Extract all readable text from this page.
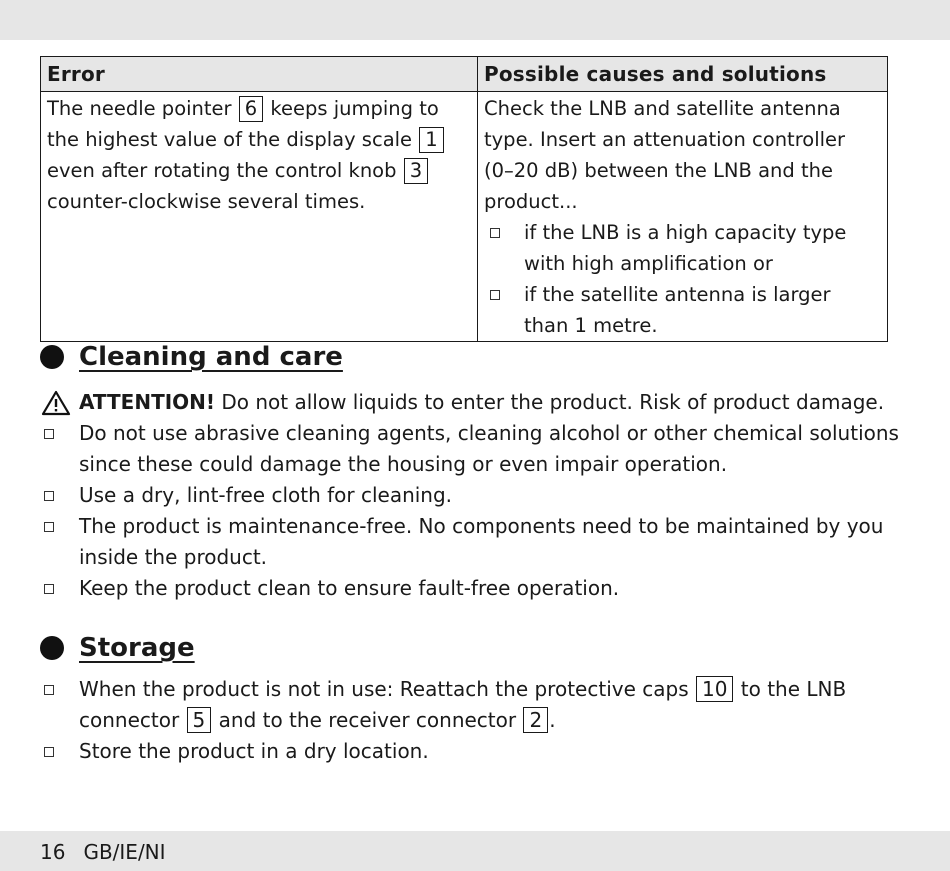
Error	Possible causes and solutions
The needle pointer 6 keeps jumping to the highest value of the display scale 1 even after rotating the control knob 3 counter-clockwise several times.	Check the LNB and satellite antenna type. Insert an attenuation controller (0–20 dB) between the LNB and the product...
if the LNB is a high capacity type with high amplification or
if the satellite antenna is larger than 1 metre.
Cleaning and care
ATTENTION! Do not allow liquids to enter the product. Risk of product damage.
Do not use abrasive cleaning agents, cleaning alcohol or other chemical solutions since these could damage the housing or even impair operation.
Use a dry, lint-free cloth for cleaning.
The product is maintenance-free. No components need to be maintained by you inside the product.
Keep the product clean to ensure fault-free operation.
Storage
When the product is not in use: Reattach the protective caps 10 to the LNB connector 5 and to the receiver connector 2 .
Store the product in a dry location.
16 GB/IE/NI
